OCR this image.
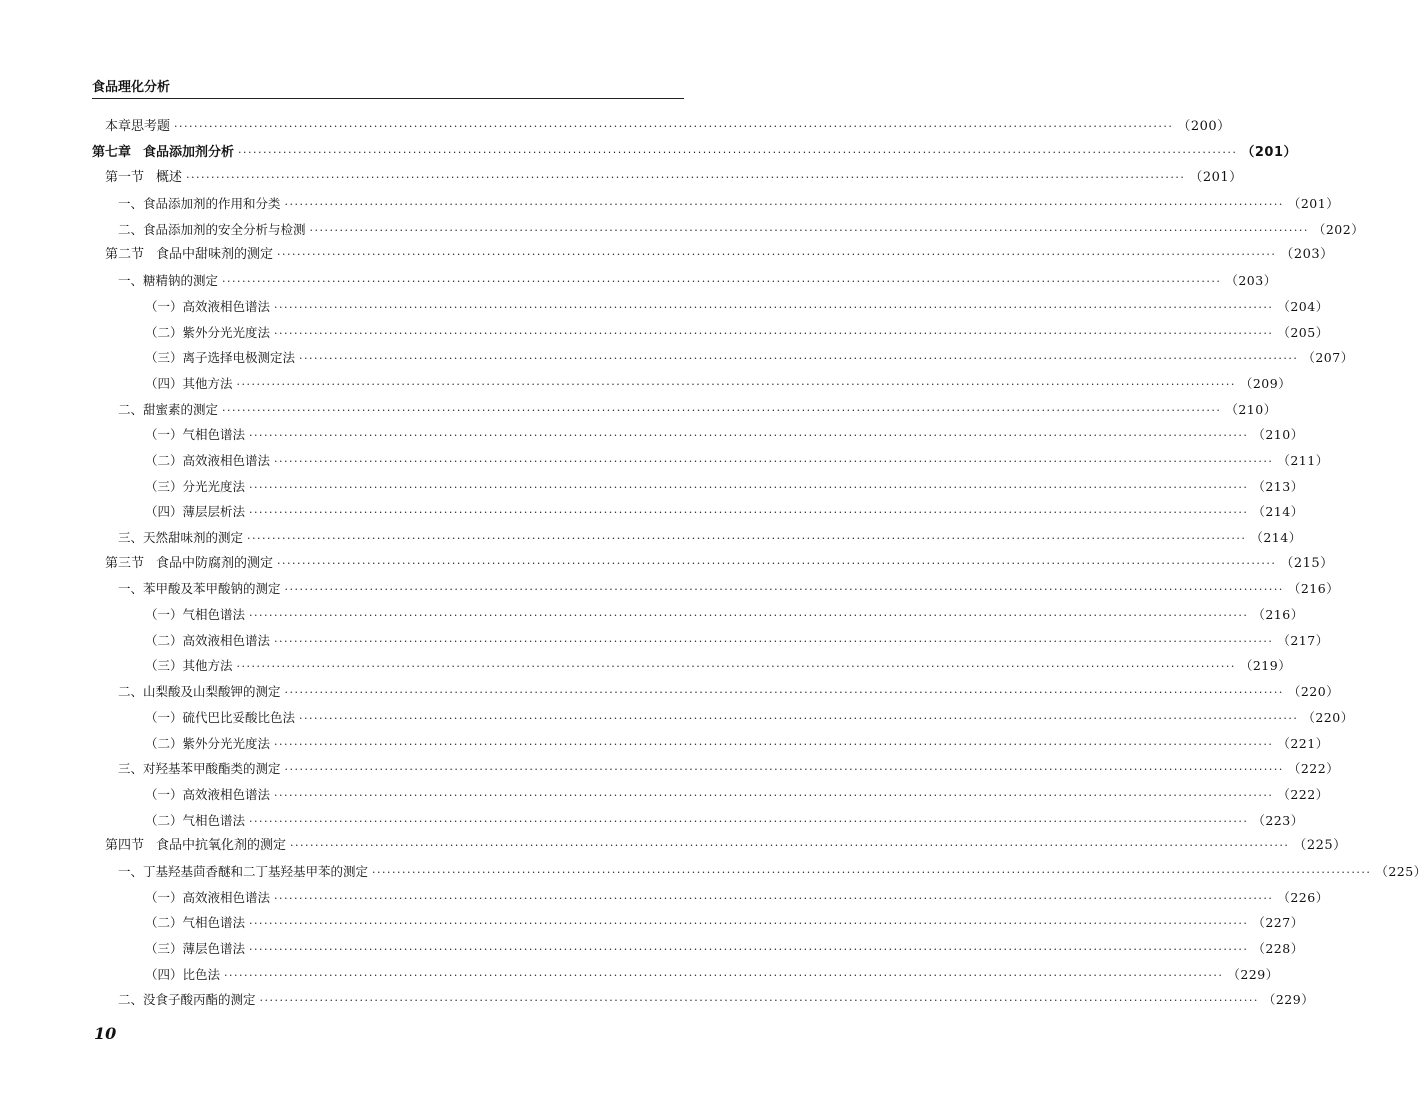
食品理化分析
本章思考题 ········································································································································································································ （200）
第七章 食品添加剂分析 ········································································································································································································ （201）
第一节 概述 ········································································································································································································ （201）
一、食品添加剂的作用和分类 ········································································································································································································ （201）
二、食品添加剂的安全分析与检测 ········································································································································································································ （202）
第二节 食品中甜味剂的测定 ········································································································································································································ （203）
一、糖精钠的测定 ········································································································································································································ （203）
（一）高效液相色谱法 ········································································································································································································ （204）
（二）紫外分光光度法 ········································································································································································································ （205）
（三）离子选择电极测定法 ········································································································································································································ （207）
（四）其他方法 ········································································································································································································ （209）
二、甜蜜素的测定 ········································································································································································································ （210）
（一）气相色谱法 ········································································································································································································ （210）
（二）高效液相色谱法 ········································································································································································································ （211）
（三）分光光度法 ········································································································································································································ （213）
（四）薄层层析法 ········································································································································································································ （214）
三、天然甜味剂的测定 ········································································································································································································ （214）
第三节 食品中防腐剂的测定 ········································································································································································································ （215）
一、苯甲酸及苯甲酸钠的测定 ········································································································································································································ （216）
（一）气相色谱法 ········································································································································································································ （216）
（二）高效液相色谱法 ········································································································································································································ （217）
（三）其他方法 ········································································································································································································ （219）
二、山梨酸及山梨酸钾的测定 ········································································································································································································ （220）
（一）硫代巴比妥酸比色法 ········································································································································································································ （220）
（二）紫外分光光度法 ········································································································································································································ （221）
三、对羟基苯甲酸酯类的测定 ········································································································································································································ （222）
（一）高效液相色谱法 ········································································································································································································ （222）
（二）气相色谱法 ········································································································································································································ （223）
第四节 食品中抗氧化剂的测定 ········································································································································································································ （225）
一、丁基羟基茴香醚和二丁基羟基甲苯的测定 ········································································································································································································ （225）
（一）高效液相色谱法 ········································································································································································································ （226）
（二）气相色谱法 ········································································································································································································ （227）
（三）薄层色谱法 ········································································································································································································ （228）
（四）比色法 ········································································································································································································ （229）
二、没食子酸丙酯的测定 ········································································································································································································ （229）
10
